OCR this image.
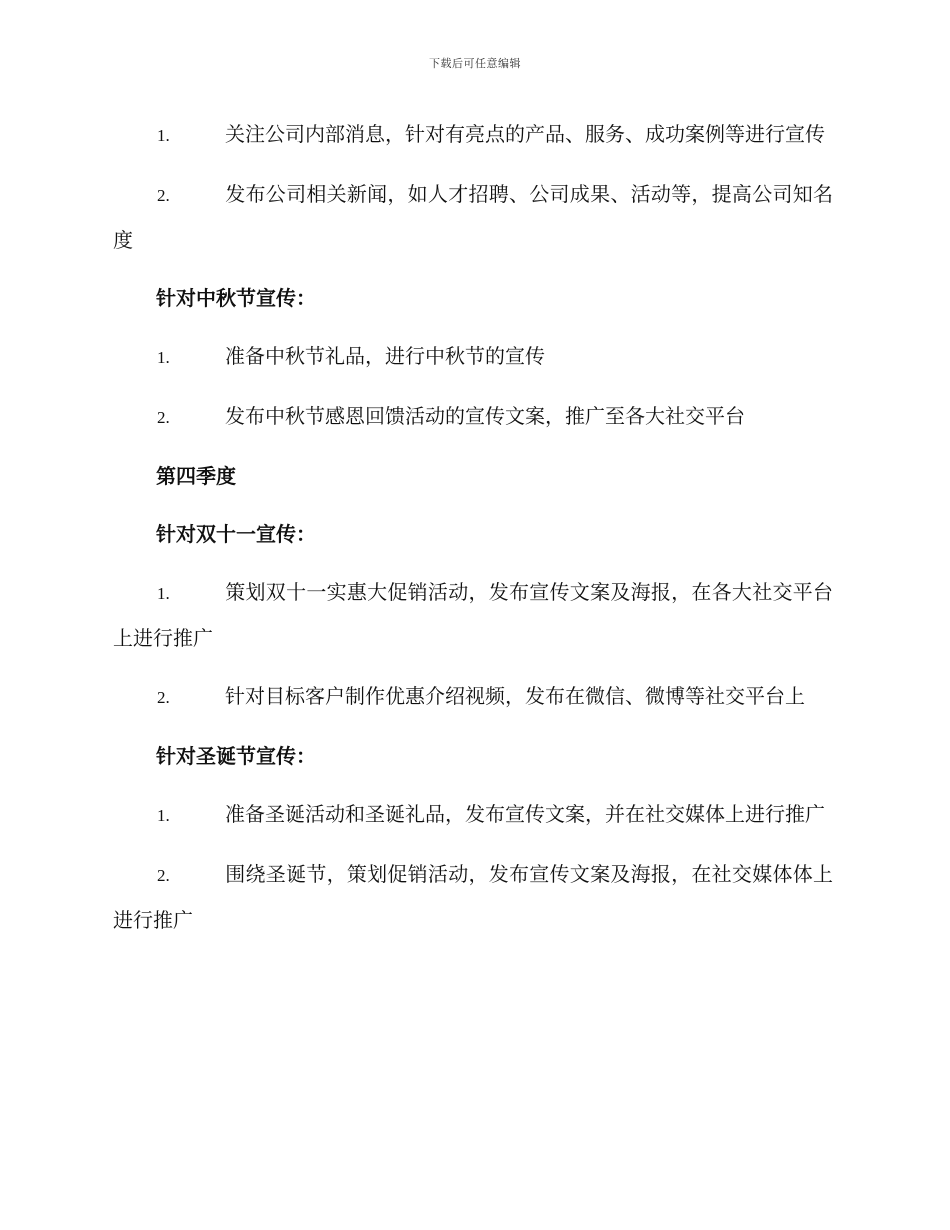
下载后可任意编辑
1.	关注公司内部消息，针对有亮点的产品、服务、成功案例等进行宣传
2.	发布公司相关新闻，如人才招聘、公司成果、活动等，提高公司知名度
针对中秋节宣传：
1.	准备中秋节礼品，进行中秋节的宣传
2.	发布中秋节感恩回馈活动的宣传文案，推广至各大社交平台
第四季度
针对双十一宣传：
1.	策划双十一实惠大促销活动，发布宣传文案及海报，在各大社交平台上进行推广
2.	针对目标客户制作优惠介绍视频，发布在微信、微博等社交平台上
针对圣诞节宣传：
1.	准备圣诞活动和圣诞礼品，发布宣传文案，并在社交媒体上进行推广
2.	围绕圣诞节，策划促销活动，发布宣传文案及海报，在社交媒体体上进行推广
